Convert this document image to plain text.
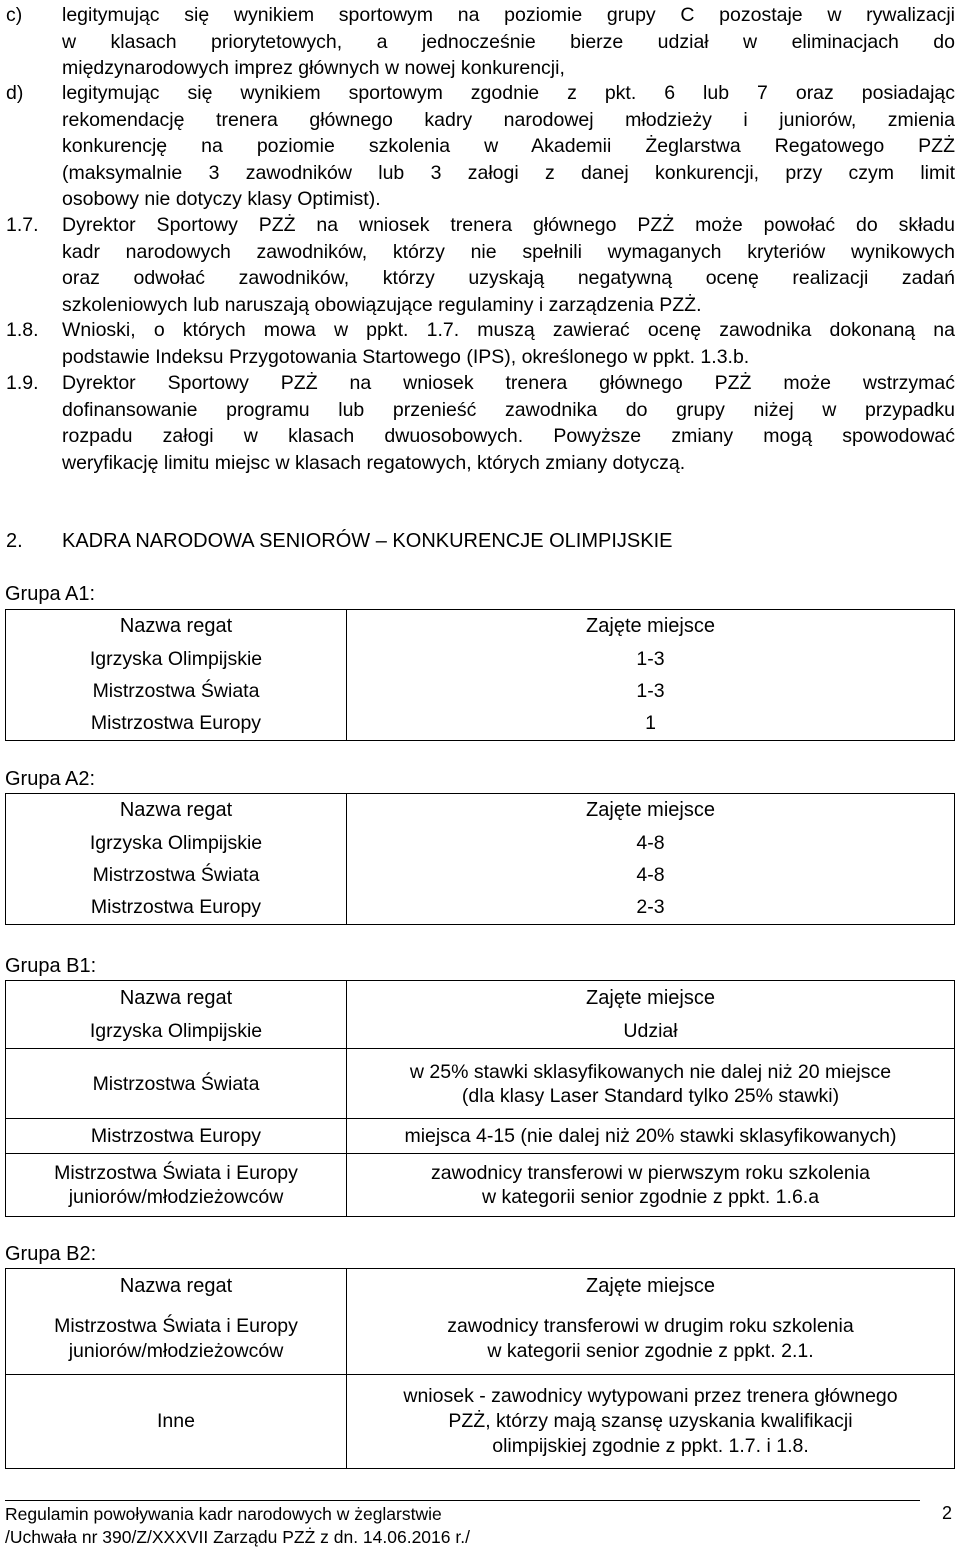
c) legitymując się wynikiem sportowym na poziomie grupy C pozostaje w rywalizacji
w klasach priorytetowych, a jednocześnie bierze udział w eliminacjach do
międzynarodowych imprez głównych w nowej konkurencji,
d) legitymując się wynikiem sportowym zgodnie z pkt. 6 lub 7 oraz posiadając
rekomendację trenera głównego kadry narodowej młodzieży i juniorów, zmienia
konkurencję na poziomie szkolenia w Akademii Żeglarstwa Regatowego PZŻ
(maksymalnie 3 zawodników lub 3 załogi z danej konkurencji, przy czym limit
osobowy nie dotyczy klasy Optimist).
1.7. Dyrektor Sportowy PZŻ na wniosek trenera głównego PZŻ może powołać do składu
kadr narodowych zawodników, którzy nie spełnili wymaganych kryteriów wynikowych
oraz odwołać zawodników, którzy uzyskają negatywną ocenę realizacji zadań
szkoleniowych lub naruszają obowiązujące regulaminy i zarządzenia PZŻ.
1.8. Wnioski, o których mowa w ppkt. 1.7. muszą zawierać ocenę zawodnika dokonaną na
podstawie Indeksu Przygotowania Startowego (IPS), określonego w ppkt. 1.3.b.
1.9. Dyrektor Sportowy PZŻ na wniosek trenera głównego PZŻ może wstrzymać
dofinansowanie programu lub przenieść zawodnika do grupy niżej w przypadku
rozpadu załogi w klasach dwuosobowych. Powyższe zmiany mogą spowodować
weryfikację limitu miejsc w klasach regatowych, których zmiany dotyczą.
2. KADRA NARODOWA SENIORÓW – KONKURENCJE OLIMPIJSKIE
Grupa A1:
Nazwa regat	Zajęte miejsce
Igrzyska Olimpijskie	1-3
Mistrzostwa Świata	1-3
Mistrzostwa Europy	1
Grupa A2:
Nazwa regat	Zajęte miejsce
Igrzyska Olimpijskie	4-8
Mistrzostwa Świata	4-8
Mistrzostwa Europy	2-3
Grupa B1:
Nazwa regat	Zajęte miejsce
Igrzyska Olimpijskie	Udział
Mistrzostwa Świata	w 25% stawki sklasyfikowanych nie dalej niż 20 miejsce
(dla klasy Laser Standard tylko 25% stawki)

Mistrzostwa Europy	miejsca 4-15 (nie dalej niż 20% stawki sklasyfikowanych)

Mistrzostwa Świata i Europy
juniorów/młodzieżowców	zawodnicy transferowi w pierwszym roku szkolenia
w kategorii senior zgodnie z ppkt. 1.6.a
Grupa B2:
Nazwa regat	Zajęte miejsce

Mistrzostwa Świata i Europy
juniorów/młodzieżowców	zawodnicy transferowi w drugim roku szkolenia
w kategorii senior zgodnie z ppkt. 2.1.

Inne	wniosek - zawodnicy wytypowani przez trenera głównego
PZŻ, którzy mają szansę uzyskania kwalifikacji
olimpijskiej zgodnie z ppkt. 1.7. i 1.8.
Regulamin powoływania kadr narodowych w żeglarstwie
/Uchwała nr 390/Z/XXXVII Zarządu PZŻ z dn. 14.06.2016 r./
2
